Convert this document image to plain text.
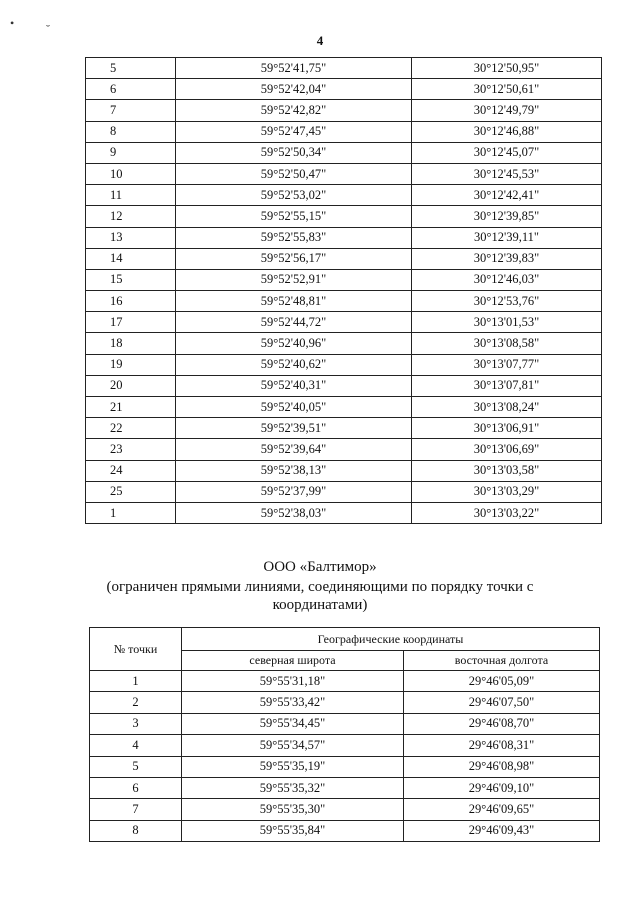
•	˘
4
5	59°52'41,75"	30°12'50,95"
6	59°52'42,04"	30°12'50,61"
7	59°52'42,82"	30°12'49,79"
8	59°52'47,45"	30°12'46,88"
9	59°52'50,34"	30°12'45,07"
10	59°52'50,47"	30°12'45,53"
11	59°52'53,02"	30°12'42,41"
12	59°52'55,15"	30°12'39,85"
13	59°52'55,83"	30°12'39,11"
14	59°52'56,17"	30°12'39,83"
15	59°52'52,91"	30°12'46,03"
16	59°52'48,81"	30°12'53,76"
17	59°52'44,72"	30°13'01,53"
18	59°52'40,96"	30°13'08,58"
19	59°52'40,62"	30°13'07,77"
20	59°52'40,31"	30°13'07,81"
21	59°52'40,05"	30°13'08,24"
22	59°52'39,51"	30°13'06,91"
23	59°52'39,64"	30°13'06,69"
24	59°52'38,13"	30°13'03,58"
25	59°52'37,99"	30°13'03,29"
1	59°52'38,03"	30°13'03,22"
ООО «Балтимор»
(ограничен прямыми линиями, соединяющими по порядку точки с координатами)
№ точки	Географические координаты	
	северная широта	восточная долгота
1	59°55'31,18"	29°46'05,09"
2	59°55'33,42"	29°46'07,50"
3	59°55'34,45"	29°46'08,70"
4	59°55'34,57"	29°46'08,31"
5	59°55'35,19"	29°46'08,98"
6	59°55'35,32"	29°46'09,10"
7	59°55'35,30"	29°46'09,65"
8	59°55'35,84"	29°46'09,43"
